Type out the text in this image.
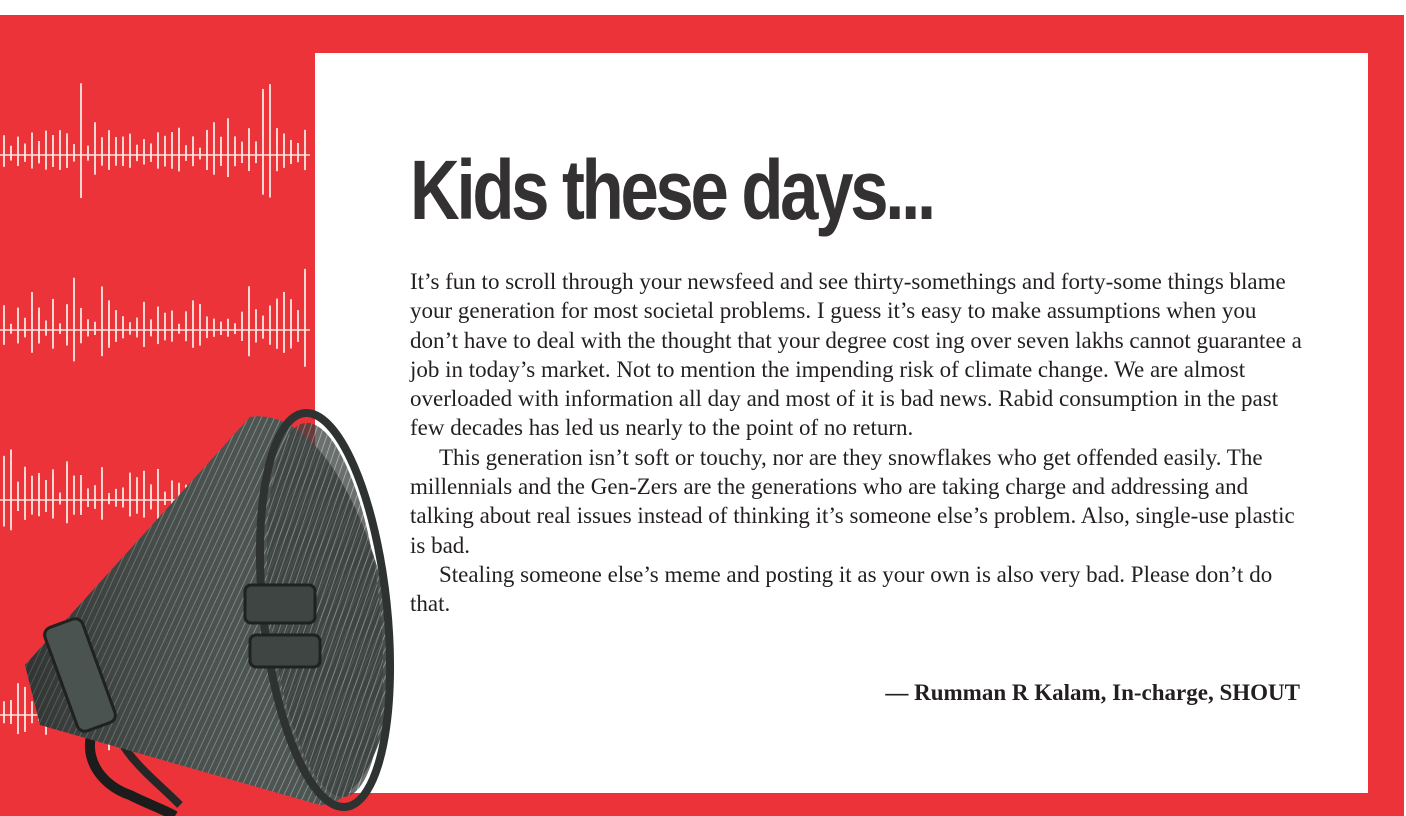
Kids these days...

It’s fun to scroll through your newsfeed and see thirty-somethings and forty-some things blame your generation for most societal problems. I guess it’s easy to make assumptions when you don’t have to deal with the thought that your degree cost ing over seven lakhs cannot guarantee a job in today’s market. Not to mention the impending risk of climate change. We are almost overloaded with information all day and most of it is bad news. Rabid consumption in the past few decades has led us nearly to the point of no return.

This generation isn’t soft or touchy, nor are they snowflakes who get offended easily. The millennials and the Gen-Zers are the generations who are taking charge and addressing and talking about real issues instead of thinking it’s someone else’s problem. Also, single-use plastic is bad.

Stealing someone else’s meme and posting it as your own is also very bad. Please don’t do that.

— Rumman R Kalam, In-charge, SHOUT
